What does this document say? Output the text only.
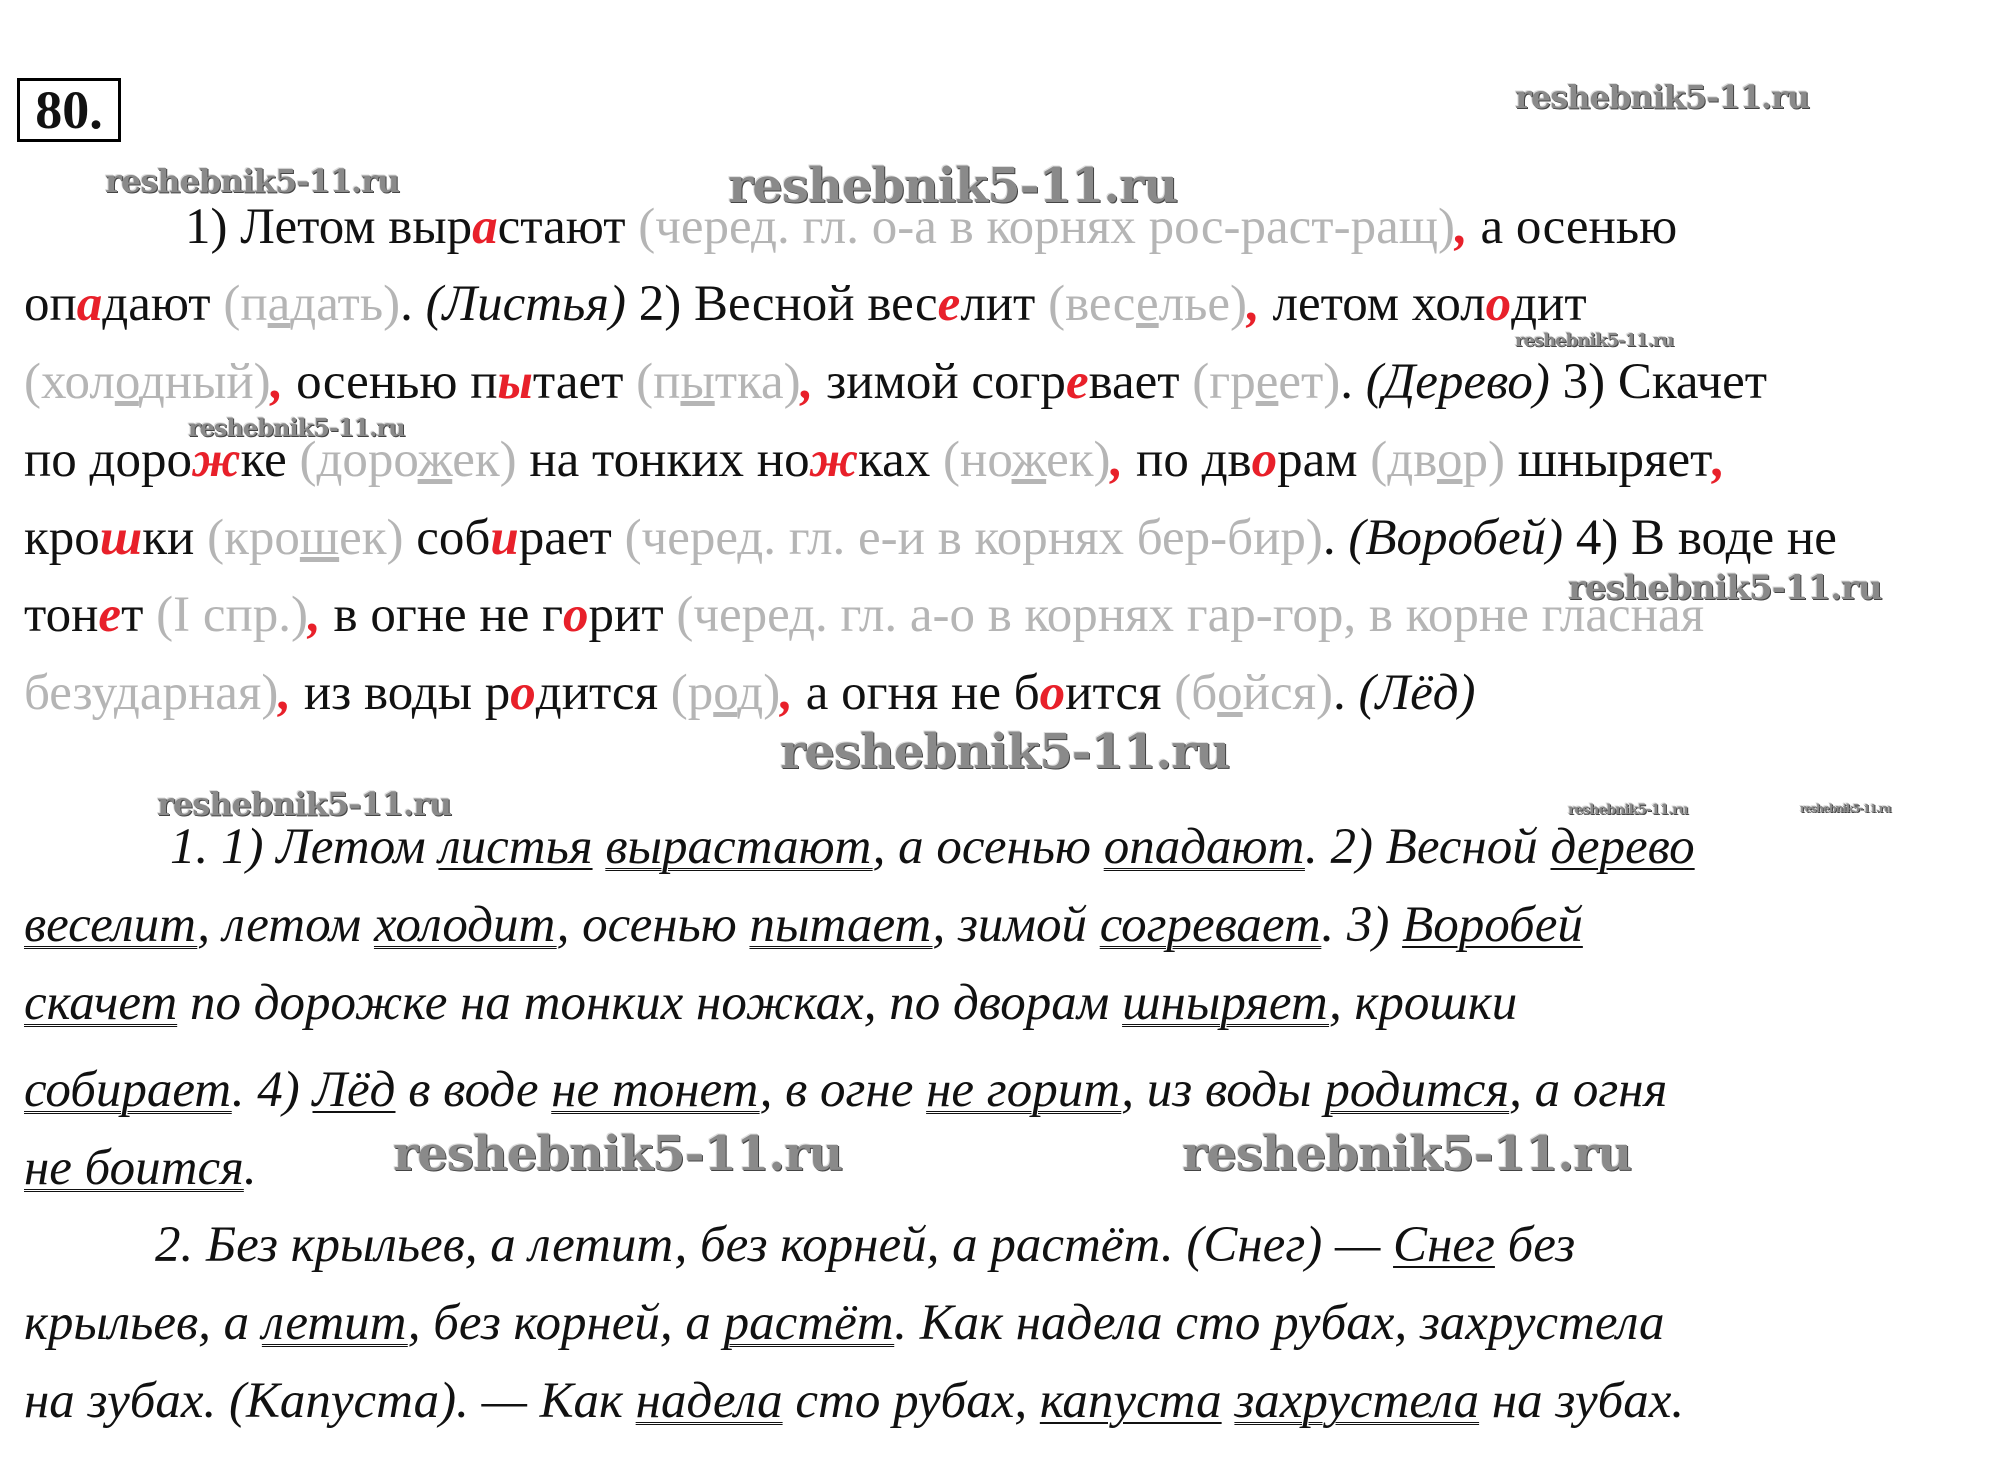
80.	reshebnik5-11.ru
reshebnik5-11.ru	reshebnik5-11.ru
reshebnik5-11.ru
reshebnik5-11.ru
reshebnik5-11.ru
reshebnik5-11.ru
reshebnik5-11.ru	reshebnik5-11.ru	reshebnik5-11.ru
reshebnik5-11.ru	reshebnik5-11.ru
1) Летом вырастают (черед. гл. о-а в корнях рос-раст-ращ), а осенью
опадают (падать). (Листья) 2) Весной веселит (веселье), летом холодит
(холодный), осенью пытает (пытка), зимой согревает (греет). (Дерево) 3) Скачет
по дорожке (дорожек) на тонких ножках (ножек), по дворам (двор) шныряет,
крошки (крошек) собирает (черед. гл. е-и в корнях бер-бир). (Воробей) 4) В воде не
тонет (I спр.), в огне не горит (черед. гл. а-о в корнях гар-гор, в корне гласная
безударная), из воды родится (род), а огня не боится (бойся). (Лёд)
1. 1) Летом листья вырастают, а осенью опадают. 2) Весной дерево
веселит, летом холодит, осенью пытает, зимой согревает. 3) Воробей
скачет по дорожке на тонких ножках, по дворам шныряет, крошки
собирает. 4) Лёд в воде не тонет, в огне не горит, из воды родится, а огня
не боится.
2. Без крыльев, а летит, без корней, а растёт. (Снег) — Снег без
крыльев, а летит, без корней, а растёт. Как надела сто рубах, захрустела
на зубах. (Капуста). — Как надела сто рубах, капуста захрустела на зубах.
